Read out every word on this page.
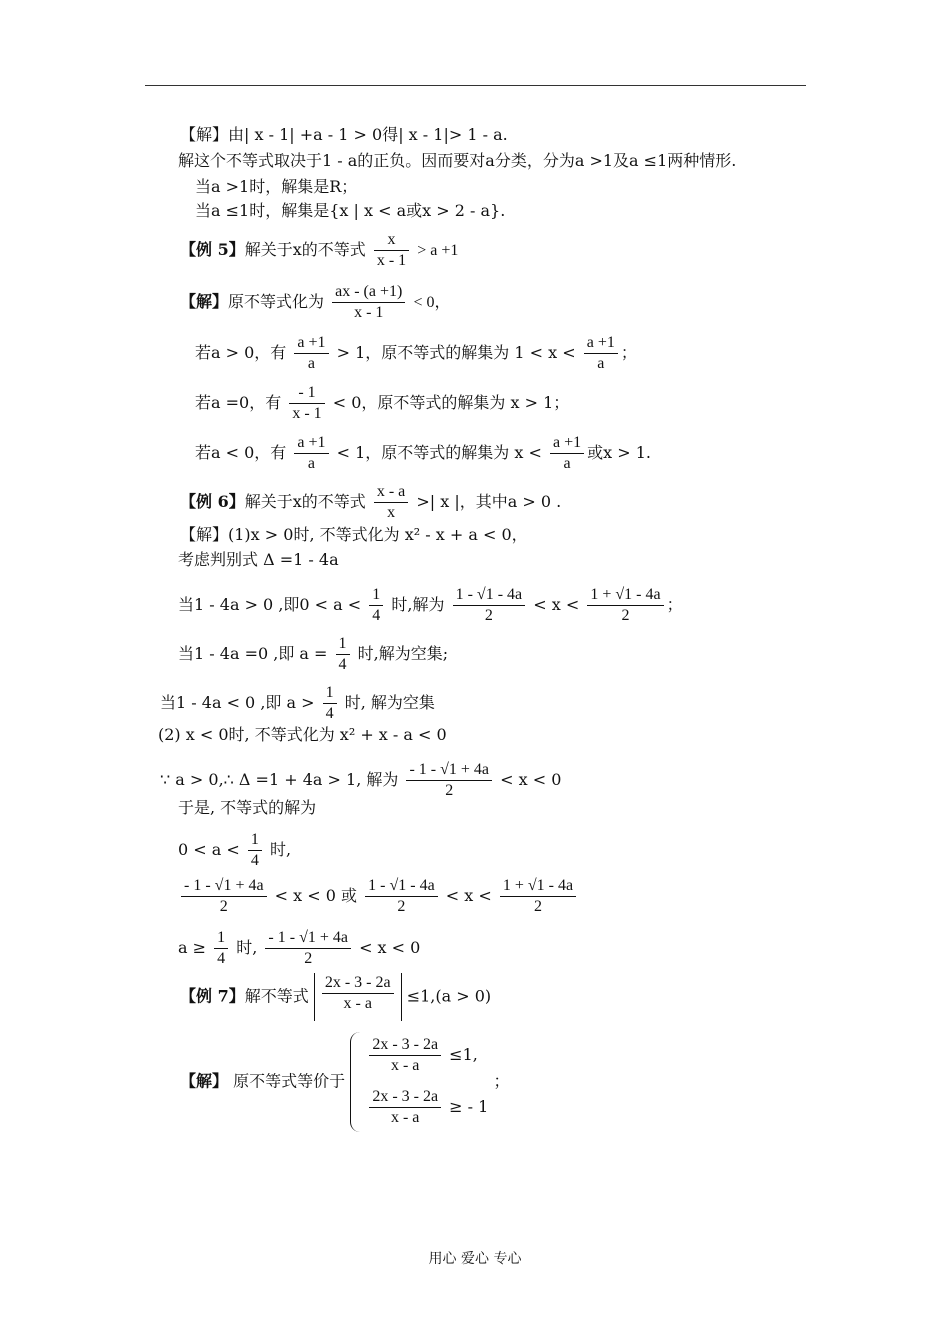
【解】由| x - 1| +a - 1 > 0得| x - 1|> 1 - a.
解这个不等式取决于1 - a的正负。因而要对a分类，分为a >1及a ≤1两种情形.
当a >1时，解集是R；
当a ≤1时，解集是{x | x < a或x > 2 - a}.
【例 5】解关于x的不等式 $\frac{x}{x - 1} > a +1$
【解】原不等式化为 $\frac{ax - (a +1)}{x - 1} < 0$，
若a > 0，有 $\frac{a +1}{a} > 1$，原不等式的解集为 $1 < x < \frac{a +1}{a}$ ；
若a =0，有 $\frac{- 1}{x - 1} < 0$，原不等式的解集为 x > 1；
若a < 0，有 $\frac{a +1}{a} < 1$，原不等式的解集为 $x < \frac{a +1}{a}$ 或x > 1.
【例 6】解关于x的不等式 $\frac{x - a}{x}$ >| x |，其中a > 0 .
【解】(1)x > 0时, 不等式化为 x² - x + a < 0，
考虑判别式 Δ =1 - 4a
当1 - 4a > 0 ,即$0 < a < \frac{1}{4}$ 时,解为 $\frac{1 - √1 - 4a}{2} < x < \frac{1 + √1 - 4a}{2}$ ；
当1 - 4a =0 ,即 $a = \frac{1}{4}$ 时,解为空集;
当1 - 4a < 0 ,即 $a > \frac{1}{4}$ 时, 解为空集
(2) x < 0时, 不等式化为 x² + x - a < 0
∵ a > 0,∴ Δ =1 + 4a > 1, 解为 $\frac{- 1 - √1 + 4a}{2} < x < 0$
于是, 不等式的解为
$0 < a < \frac{1}{4}$ 时,
$\frac{- 1 - √1 + 4a}{2} < x < 0$ 或 $\frac{1 - √1 - 4a}{2} < x < \frac{1 + √1 - 4a}{2}$
$a \ge \frac{1}{4}$ 时, $\frac{- 1 - √1 + 4a}{2} < x < 0$
【例 7】解不等式 $\frac{2x - 3 - 2a}{x - a} \le 1,(a > 0)$
【解】 原不等式等价于
$\frac{2x - 3 - 2a}{x - a} \le 1$,
$\frac{2x - 3 - 2a}{x - a}$ ≥ - 1
；
用心 爱心 专心
